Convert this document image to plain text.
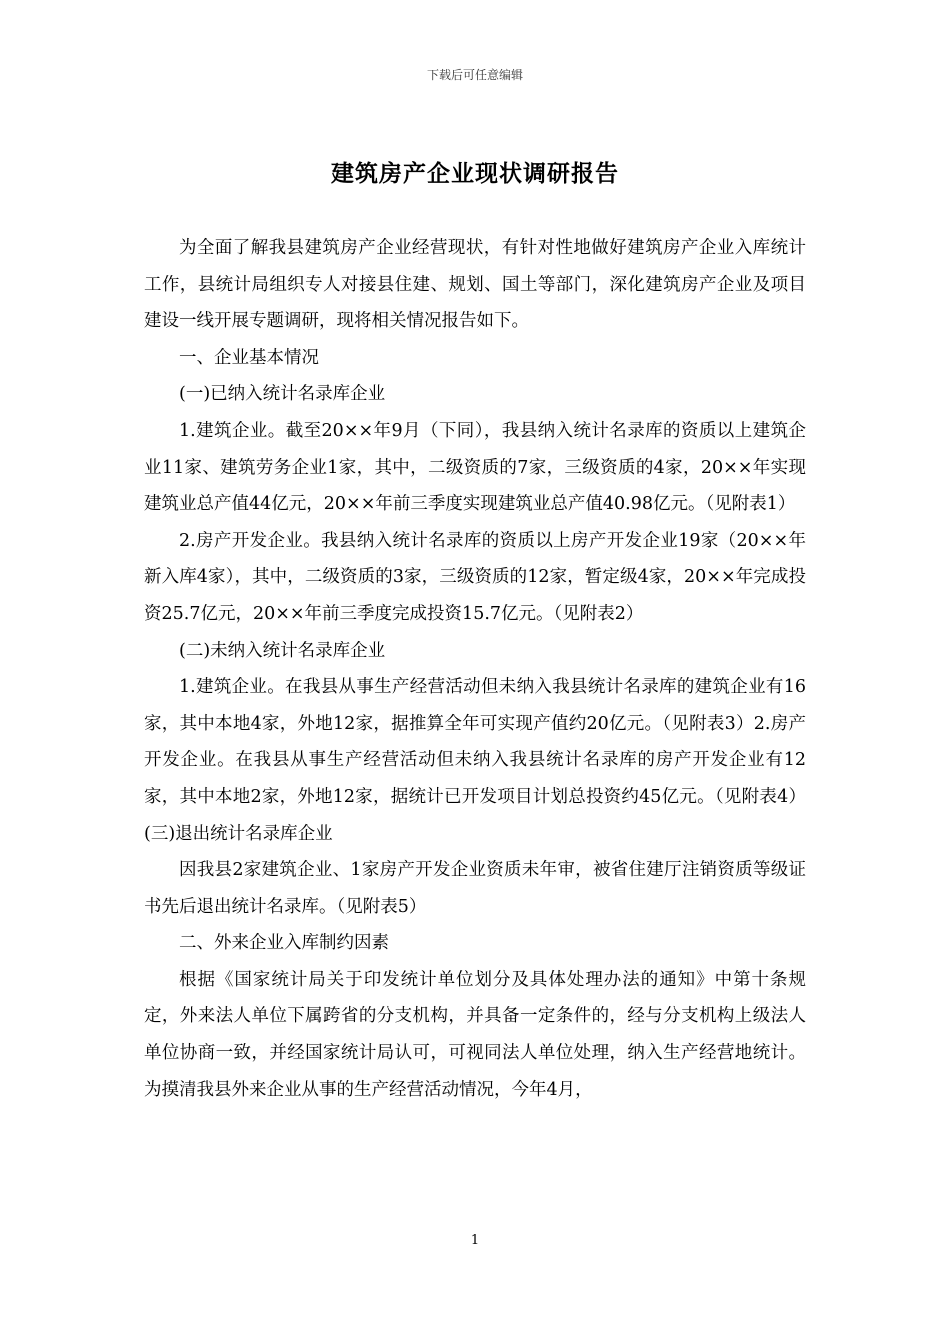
下载后可任意编辑
建筑房产企业现状调研报告

为全面了解我县建筑房产企业经营现状，有针对性地做好建筑房产企业入库统计工作，县统计局组织专人对接县住建、规划、国土等部门，深化建筑房产企业及项目建设一线开展专题调研，现将相关情况报告如下。

一、企业基本情况

(一)已纳入统计名录库企业

1.建筑企业。截至20××年9月（下同），我县纳入统计名录库的资质以上建筑企业11家、建筑劳务企业1家，其中，二级资质的7家，三级资质的4家，20××年实现建筑业总产值44亿元，20××年前三季度实现建筑业总产值40.98亿元。（见附表1）

2.房产开发企业。我县纳入统计名录库的资质以上房产开发企业19家（20××年新入库4家），其中，二级资质的3家，三级资质的12家，暂定级4家，20××年完成投资25.7亿元，20××年前三季度完成投资15.7亿元。（见附表2）

(二)未纳入统计名录库企业

1.建筑企业。在我县从事生产经营活动但未纳入我县统计名录库的建筑企业有16家，其中本地4家，外地12家，据推算全年可实现产值约20亿元。（见附表3）2.房产开发企业。在我县从事生产经营活动但未纳入我县统计名录库的房产开发企业有12家，其中本地2家，外地12家，据统计已开发项目计划总投资约45亿元。（见附表4）(三)退出统计名录库企业

因我县2家建筑企业、1家房产开发企业资质未年审，被省住建厅注销资质等级证书先后退出统计名录库。（见附表5）

二、外来企业入库制约因素

根据《国家统计局关于印发统计单位划分及具体处理办法的通知》中第十条规定，外来法人单位下属跨省的分支机构，并具备一定条件的，经与分支机构上级法人单位协商一致，并经国家统计局认可，可视同法人单位处理，纳入生产经营地统计。为摸清我县外来企业从事的生产经营活动情况，今年4月，

1
